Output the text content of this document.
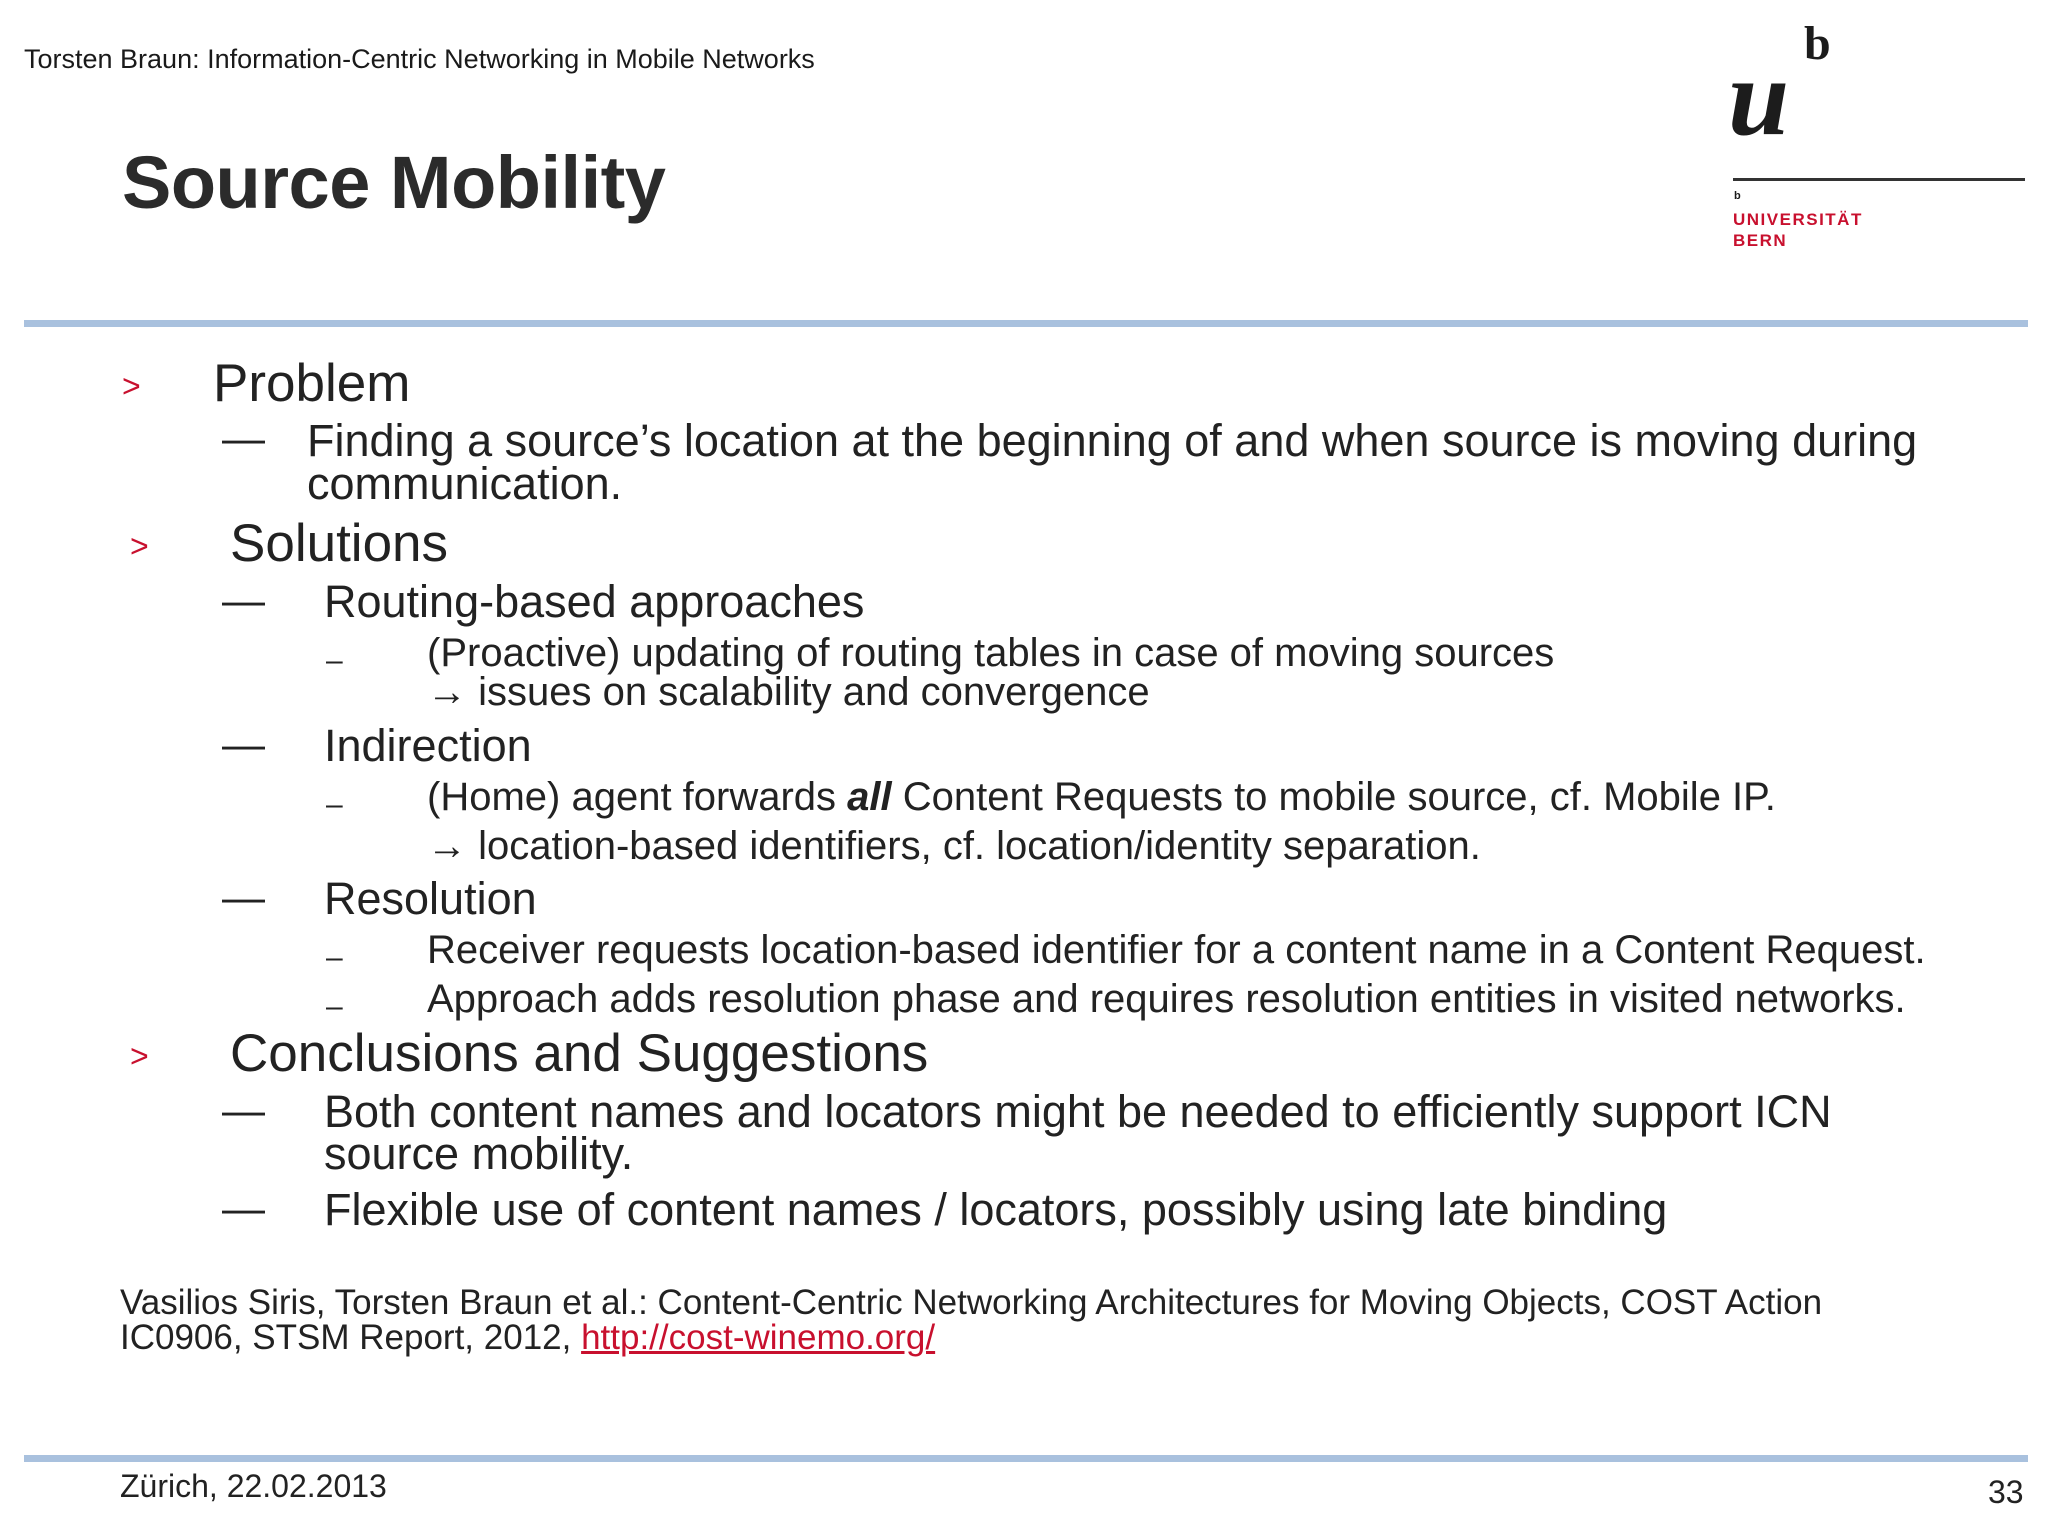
Torsten Braun: Information-Centric Networking in Mobile Networks
Source Mobility
u b
b
UNIVERSITÄT
BERN
> Problem
— Finding a source’s location at the beginning of and when source is moving during
communication.
> Solutions
— Routing-based approaches
– (Proactive) updating of routing tables in case of moving sources
→ issues on scalability and convergence
— Indirection
– (Home) agent forwards all Content Requests to mobile source, cf. Mobile IP.
→ location-based identifiers, cf. location/identity separation.
— Resolution
– Receiver requests location-based identifier for a content name in a Content Request.
– Approach adds resolution phase and requires resolution entities in visited networks.
> Conclusions and Suggestions
— Both content names and locators might be needed to efficiently support ICN
source mobility.
— Flexible use of content names / locators, possibly using late binding
Vasilios Siris, Torsten Braun et al.: Content-Centric Networking Architectures for Moving Objects, COST Action
IC0906, STSM Report, 2012, http://cost-winemo.org/
Zürich, 22.02.2013	33
